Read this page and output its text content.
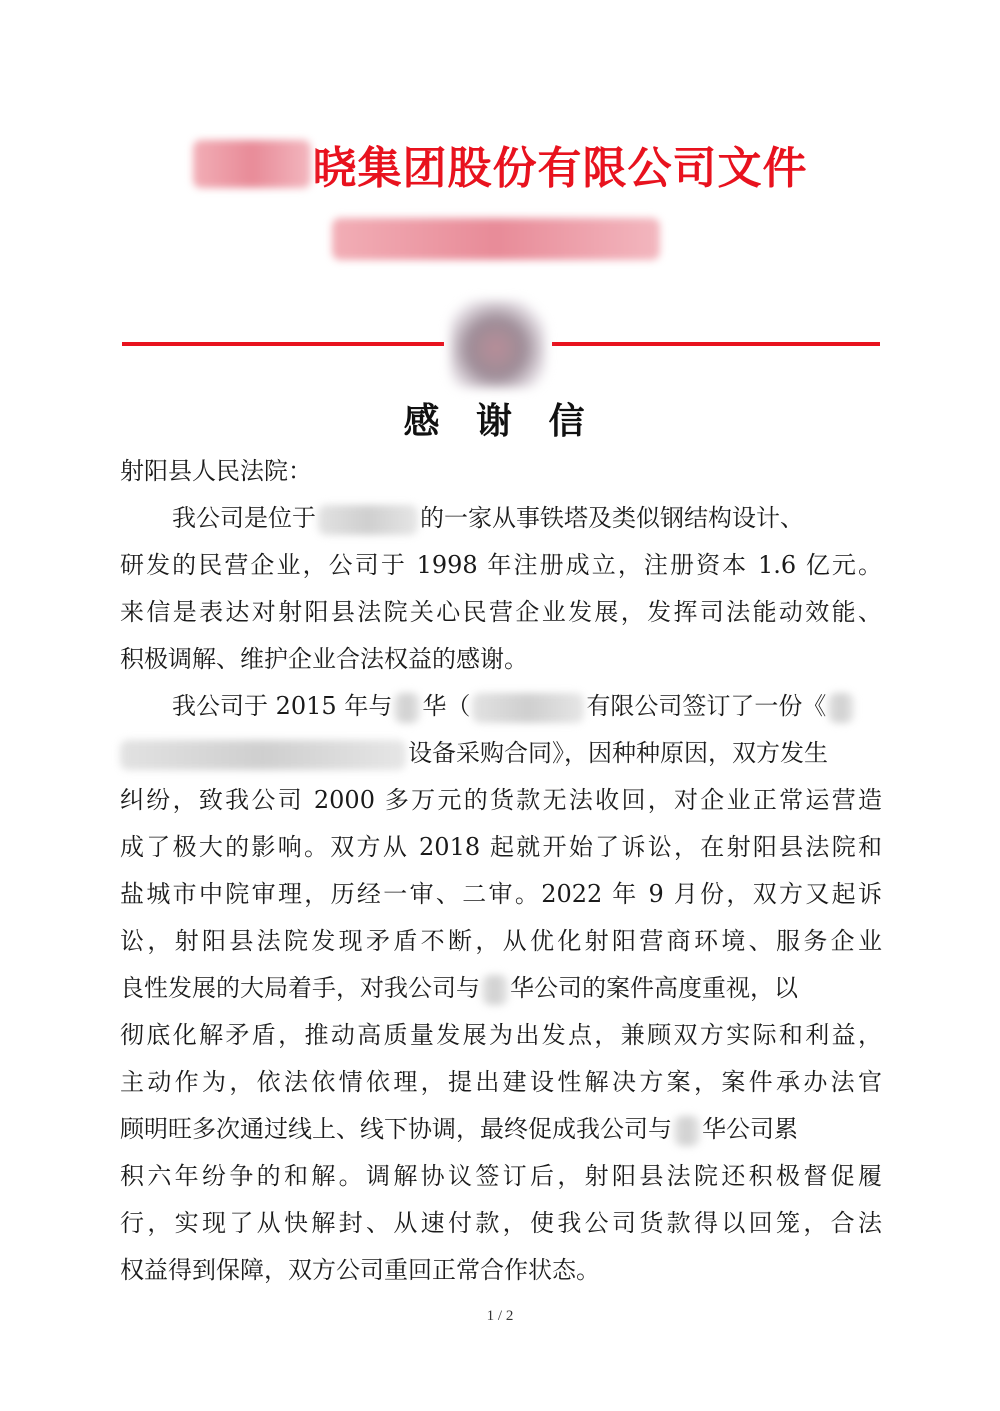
晓集团股份有限公司文件
感 谢 信
射阳县人民法院：
我公司是位于	的一家从事铁塔及类似钢结构设计、
研发的民营企业，公司于 1998 年注册成立，注册资本 1.6 亿元。
来信是表达对射阳县法院关心民营企业发展，发挥司法能动效能、
积极调解、维护企业合法权益的感谢。
我公司于 2015 年与 华（	有限公司签订了一份《
设备采购合同》，因种种原因，双方发生
纠纷，致我公司 2000 多万元的货款无法收回，对企业正常运营造
成了极大的影响。双方从 2018 起就开始了诉讼，在射阳县法院和
盐城市中院审理，历经一审、二审。2022 年 9 月份，双方又起诉
讼，射阳县法院发现矛盾不断，从优化射阳营商环境、服务企业
良性发展的大局着手，对我公司与 华公司的案件高度重视，以
彻底化解矛盾，推动高质量发展为出发点，兼顾双方实际和利益，
主动作为，依法依情依理，提出建设性解决方案，案件承办法官
顾明旺多次通过线上、线下协调，最终促成我公司与 华公司累
积六年纷争的和解。调解协议签订后，射阳县法院还积极督促履
行，实现了从快解封、从速付款，使我公司货款得以回笼，合法
权益得到保障，双方公司重回正常合作状态。
1 / 2
